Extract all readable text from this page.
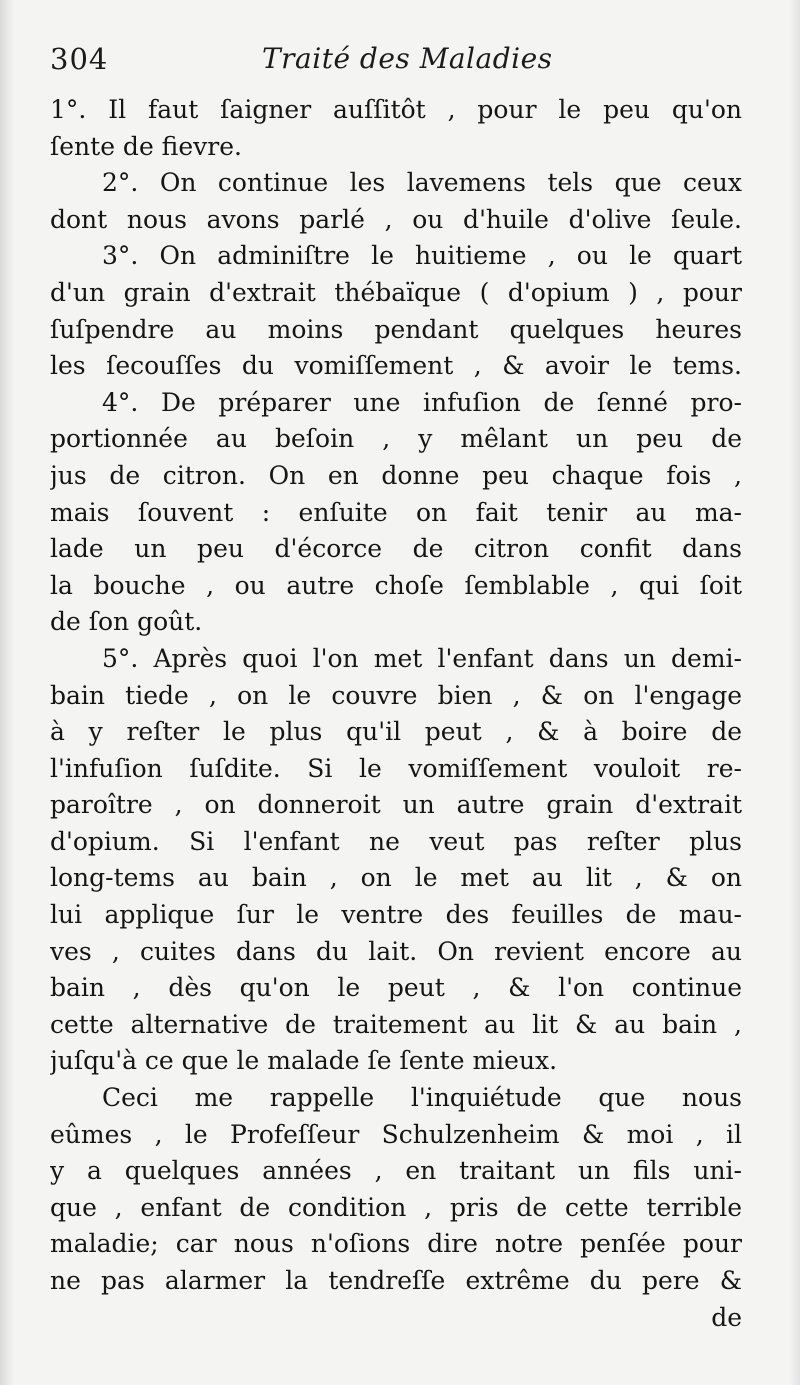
304	Traité des Maladies
1°. Il faut ſaigner auſſitôt , pour le peu qu'on
ſente de fievre.
2°. On continue les lavemens tels que ceux
dont nous avons parlé , ou d'huile d'olive ſeule.
3°. On adminiſtre le huitieme , ou le quart
d'un grain d'extrait thébaïque ( d'opium ) , pour
ſuſpendre au moins pendant quelques heures
les ſecouſſes du vomiſſement , & avoir le tems.
4°. De préparer une infuſion de ſenné pro-
portionnée au beſoin , y mêlant un peu de
jus de citron. On en donne peu chaque fois ,
mais ſouvent : enſuite on fait tenir au ma-
lade un peu d'écorce de citron confit dans
la bouche , ou autre choſe ſemblable , qui ſoit
de ſon goût.
5°. Après quoi l'on met l'enfant dans un demi-
bain tiede , on le couvre bien , & on l'engage
à y reſter le plus qu'il peut , & à boire de
l'infuſion ſuſdite. Si le vomiſſement vouloit re-
paroître , on donneroit un autre grain d'extrait
d'opium. Si l'enfant ne veut pas reſter plus
long-tems au bain , on le met au lit , & on
lui applique ſur le ventre des feuilles de mau-
ves , cuites dans du lait. On revient encore au
bain , dès qu'on le peut , & l'on continue
cette alternative de traitement au lit & au bain ,
juſqu'à ce que le malade ſe ſente mieux.
Ceci me rappelle l'inquiétude que nous
eûmes , le Profeſſeur Schulzenheim & moi , il
y a quelques années , en traitant un fils uni-
que , enfant de condition , pris de cette terrible
maladie; car nous n'oſions dire notre penſée pour
ne pas alarmer la tendreſſe extrême du pere &
de
